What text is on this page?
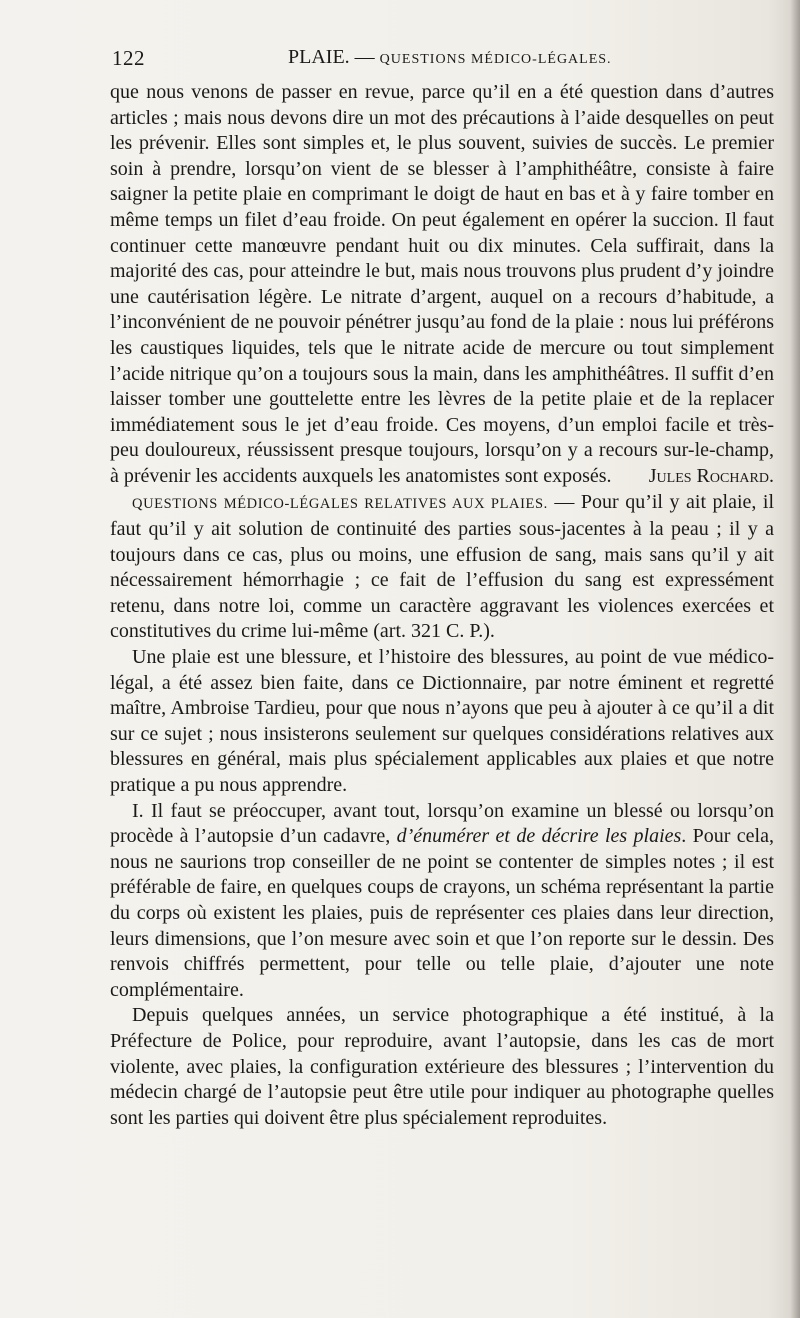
122	PLAIE. — QUESTIONS MÉDICO-LÉGALES.

que nous venons de passer en revue, parce qu’il en a été question dans d’autres articles ; mais nous devons dire un mot des précautions à l’aide desquelles on peut les prévenir. Elles sont simples et, le plus souvent, suivies de succès. Le premier soin à prendre, lorsqu’on vient de se blesser à l’amphithéâtre, consiste à faire saigner la petite plaie en comprimant le doigt de haut en bas et à y faire tomber en même temps un filet d’eau froide. On peut également en opérer la succion. Il faut continuer cette manœuvre pendant huit ou dix minutes. Cela suffirait, dans la majorité des cas, pour atteindre le but, mais nous trouvons plus prudent d’y joindre une cautérisation légère. Le nitrate d’argent, auquel on a recours d’habitude, a l’inconvénient de ne pouvoir pénétrer jusqu’au fond de la plaie : nous lui préférons les caustiques liquides, tels que le nitrate acide de mercure ou tout simplement l’acide nitrique qu’on a toujours sous la main, dans les amphithéâtres. Il suffit d’en laisser tomber une gouttelette entre les lèvres de la petite plaie et de la replacer immédiatement sous le jet d’eau froide. Ces moyens, d’un emploi facile et très-peu douloureux, réussissent presque toujours, lorsqu’on y a recours sur-le-champ, à prévenir les accidents auxquels les anatomistes sont exposés.	Jules Rochard.

QUESTIONS MÉDICO-LÉGALES RELATIVES AUX PLAIES. — Pour qu’il y ait plaie, il faut qu’il y ait solution de continuité des parties sous-jacentes à la peau ; il y a toujours dans ce cas, plus ou moins, une effusion de sang, mais sans qu’il y ait nécessairement hémorrhagie ; ce fait de l’effusion du sang est expressément retenu, dans notre loi, comme un caractère aggravant les violences exercées et constitutives du crime lui-même (art. 321 C. P.).

Une plaie est une blessure, et l’histoire des blessures, au point de vue médico-légal, a été assez bien faite, dans ce Dictionnaire, par notre éminent et regretté maître, Ambroise Tardieu, pour que nous n’ayons que peu à ajouter à ce qu’il a dit sur ce sujet ; nous insisterons seulement sur quelques considérations relatives aux blessures en général, mais plus spécialement applicables aux plaies et que notre pratique a pu nous apprendre.

I. Il faut se préoccuper, avant tout, lorsqu’on examine un blessé ou lorsqu’on procède à l’autopsie d’un cadavre, d’énumérer et de décrire les plaies. Pour cela, nous ne saurions trop conseiller de ne point se contenter de simples notes ; il est préférable de faire, en quelques coups de crayons, un schéma représentant la partie du corps où existent les plaies, puis de représenter ces plaies dans leur direction, leurs dimensions, que l’on mesure avec soin et que l’on reporte sur le dessin. Des renvois chiffrés permettent, pour telle ou telle plaie, d’ajouter une note complémentaire.

Depuis quelques années, un service photographique a été institué, à la Préfecture de Police, pour reproduire, avant l’autopsie, dans les cas de mort violente, avec plaies, la configuration extérieure des blessures ; l’intervention du médecin chargé de l’autopsie peut être utile pour indiquer au photographe quelles sont les parties qui doivent être plus spécialement reproduites.
